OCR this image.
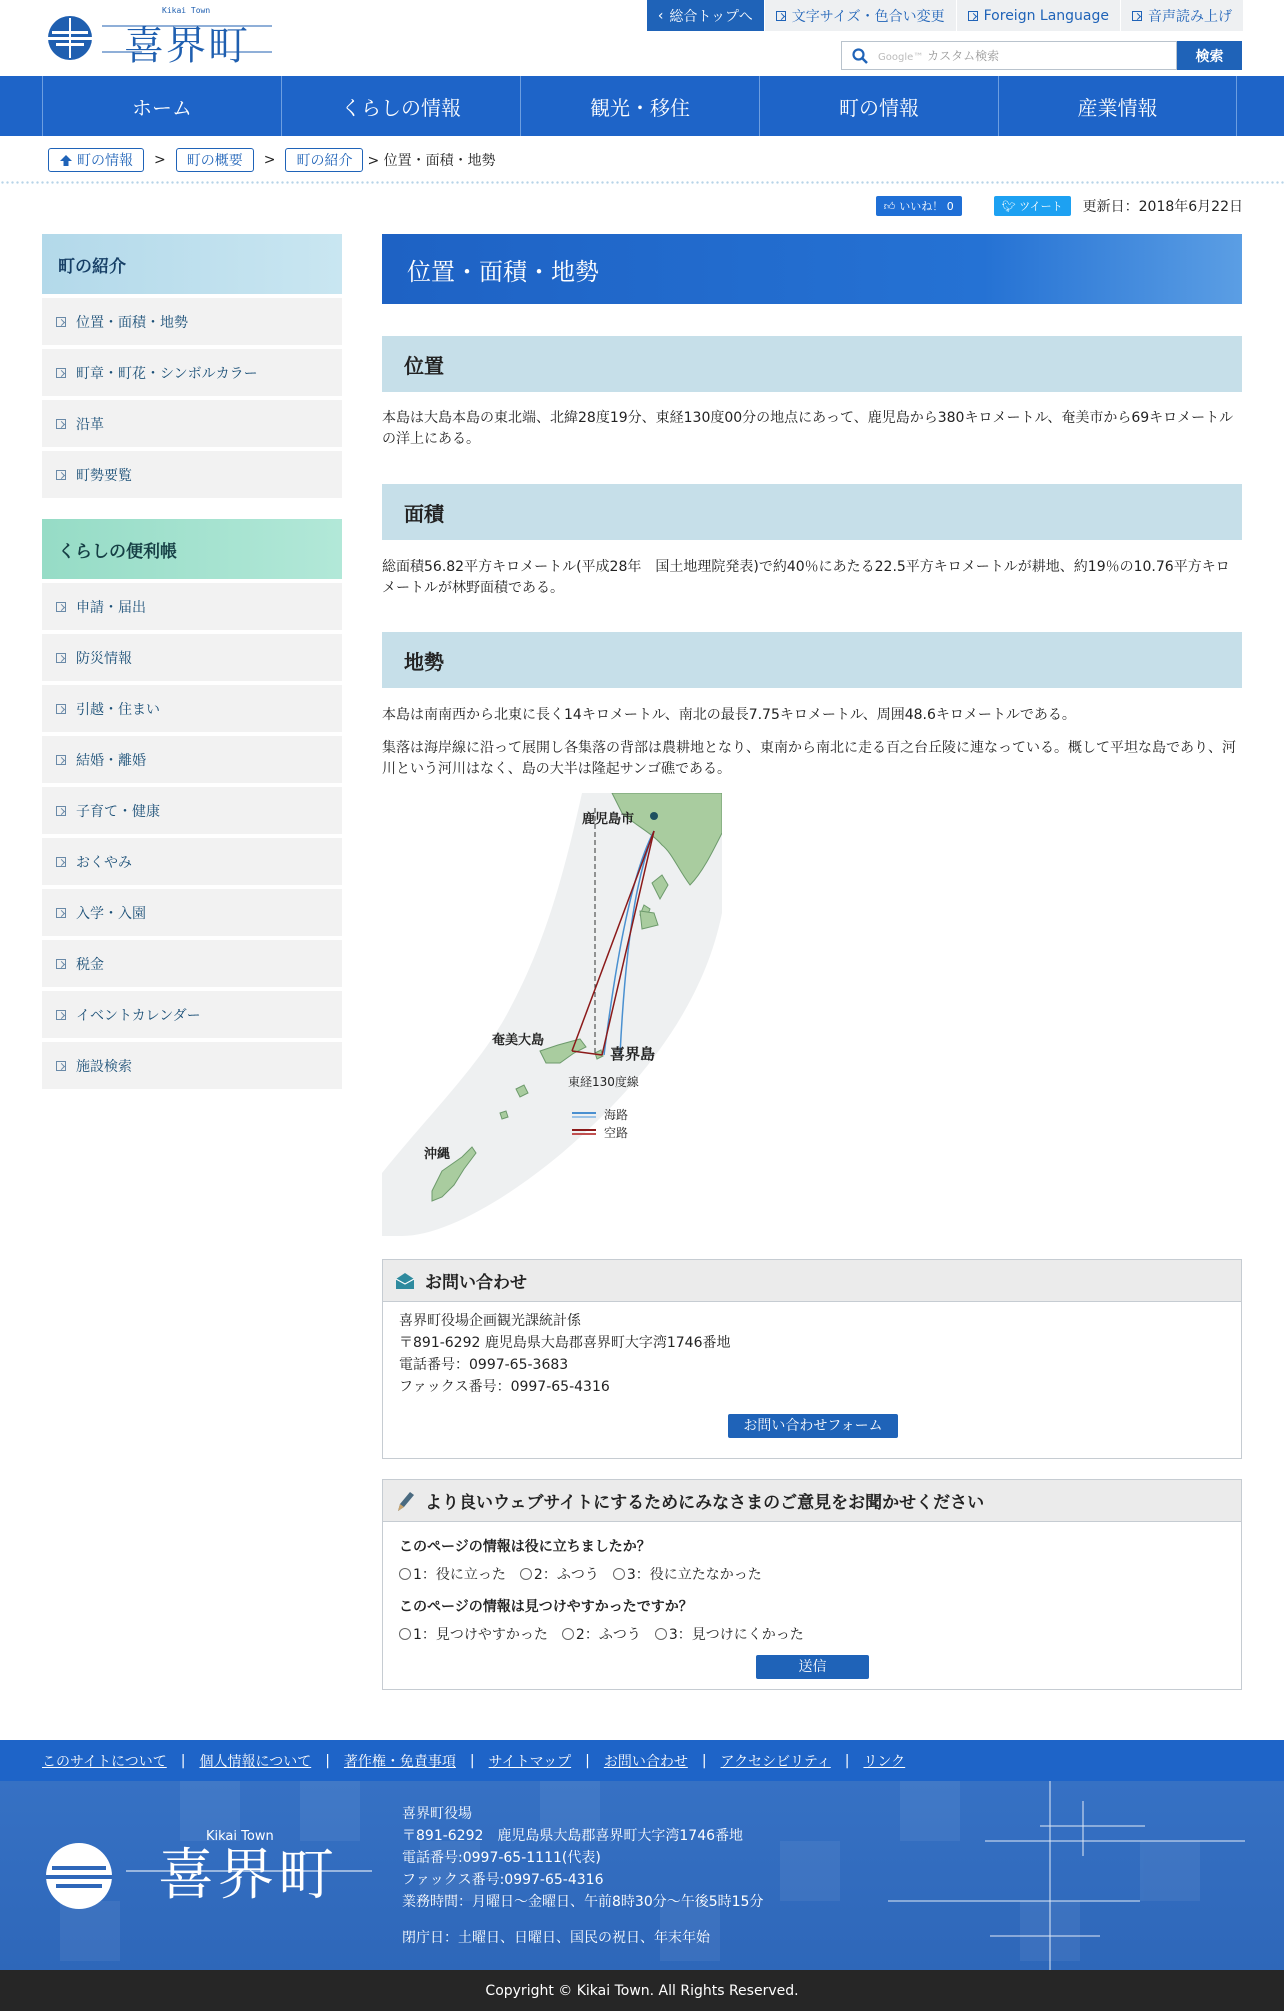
Kikai Town
喜界町
‹ 総合トップへ	文字サイズ・色合い変更	Foreign Language	音声読み上げ
Google™ カスタム検索	検索
ホーム	くらしの情報	観光・移住	町の情報	産業情報
町の情報 >	町の概要	>	町の紹介	> 位置・面積・地勢
👍︎ いいね！ 0	🐦︎ ツイート	更新日：2018年6月22日
町の紹介
位置・面積・地勢
町章・町花・シンボルカラー
沿革
町勢要覧
くらしの便利帳
申請・届出
防災情報
引越・住まい
結婚・離婚
子育て・健康
おくやみ
入学・入園
税金
イベントカレンダー
施設検索
位置・面積・地勢
位置

本島は大島本島の東北端、北緯28度19分、東経130度00分の地点にあって、鹿児島から380キロメートル、奄美市から69キロメートルの洋上にある。

面積

総面積56.82平方キロメートル(平成28年　国土地理院発表)で約40％にあたる22.5平方キロメートルが耕地、約19％の10.76平方キロメートルが林野面積である。

地勢

本島は南南西から北東に長く14キロメートル、南北の最長7.75キロメートル、周囲48.6キロメートルである。

集落は海岸線に沿って展開し各集落の背部は農耕地となり、東南から南北に走る百之台丘陵に連なっている。概して平坦な島であり、河川という河川はなく、島の大半は隆起サンゴ礁である。

鹿児島市
奄美大島
喜界島
東経130度線
沖縄
海路
空路
お問い合わせ
喜界町役場企画観光課統計係
〒891-6292 鹿児島県大島郡喜界町大字湾1746番地
電話番号：0997-65-3683
ファックス番号：0997-65-4316
お問い合わせフォーム
より良いウェブサイトにするためにみなさまのご意見をお聞かせください
このページの情報は役に立ちましたか？
1：役に立った	2：ふつう	3：役に立たなかった
このページの情報は見つけやすかったですか？
1：見つけやすかった	2：ふつう	3：見つけにくかった
送信
このサイトについて | 個人情報について | 著作権・免責事項 | サイトマップ | お問い合わせ | アクセシビリティ | リンク
Kikai Town
喜界町
喜界町役場
〒891-6292　鹿児島県大島郡喜界町大字湾1746番地
電話番号:0997-65-1111(代表)
ファックス番号:0997-65-4316
業務時間：月曜日～金曜日、午前8時30分～午後5時15分
閉庁日：土曜日、日曜日、国民の祝日、年末年始
Copyright © Kikai Town. All Rights Reserved.
